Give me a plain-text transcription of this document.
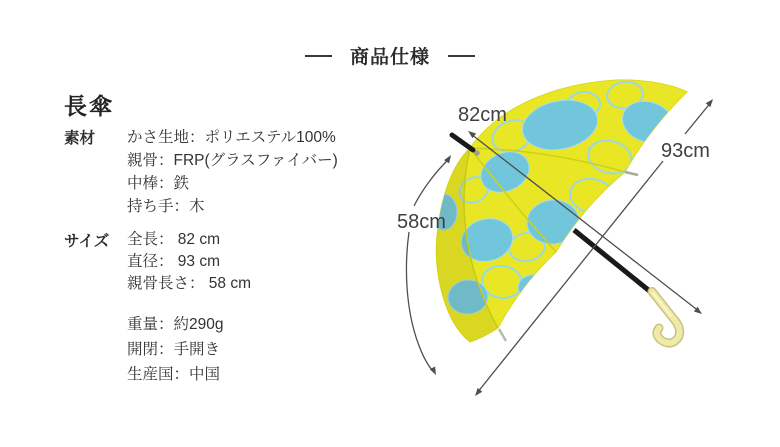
商品仕様
長傘
素材 かさ生地：ポリエステル100%
親骨：FRP(グラスファイバー)
中棒：鉄
持ち手：木
サイズ 全長： 82 cm
直径： 93 cm
親骨長さ： 58 cm
重量：約290g
開閉：手開き
生産国：中国
82cm
93cm
58cm
